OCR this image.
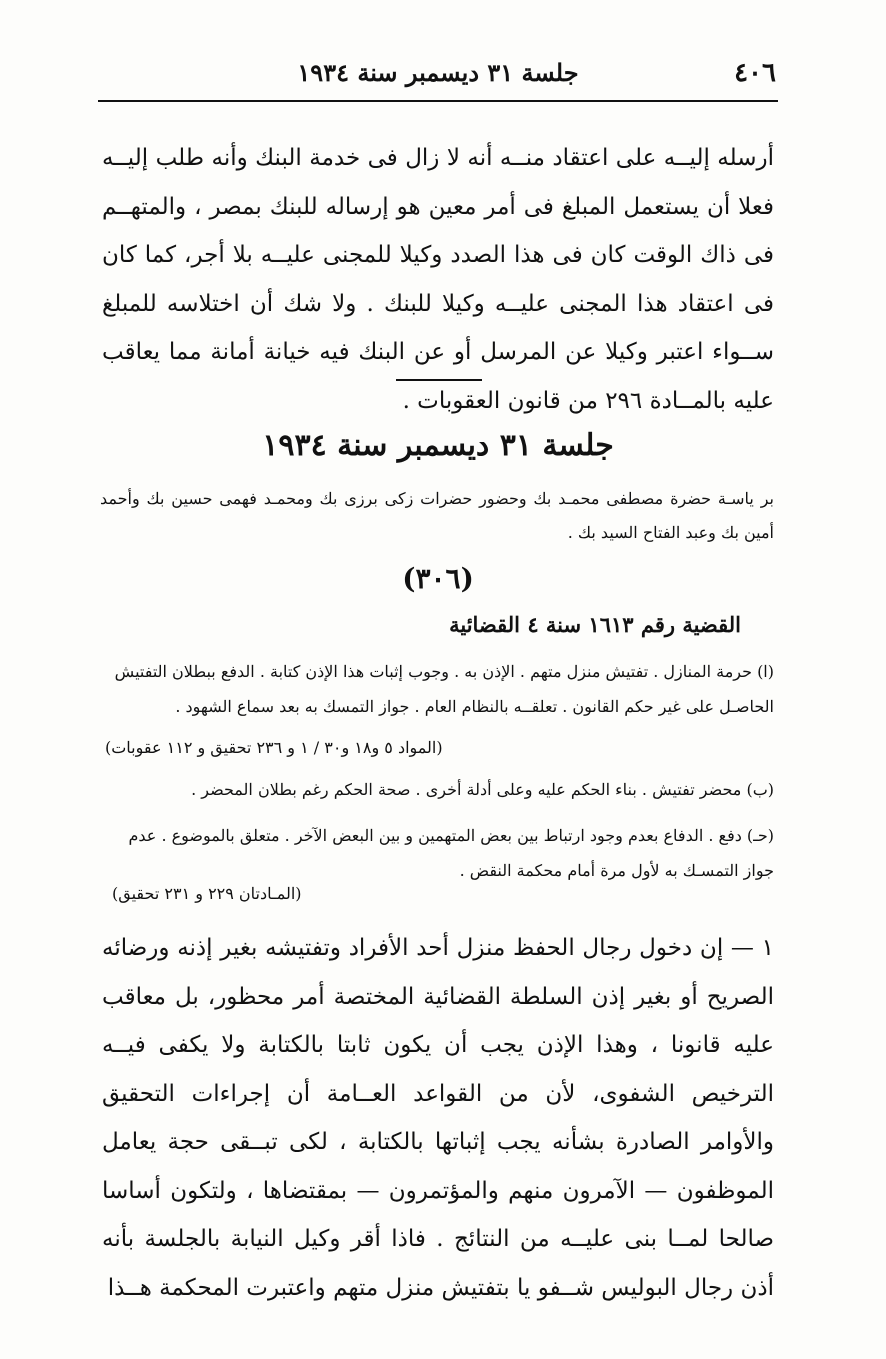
٤٠٦
جلسة ٣١ ديسمبر سنة ١٩٣٤

أرسله إليــه على اعتقاد منــه أنه لا زال فى خدمة البنك وأنه طلب إليــه فعلا أن يستعمل المبلغ فى أمر معين هو إرساله للبنك بمصر ، والمتهــم فى ذاك الوقت كان فى هذا الصدد وكيلا للمجنى عليــه بلا أجر، كما كان فى اعتقاد هذا المجنى عليــه وكيلا للبنك . ولا شك أن اختلاسه للمبلغ ســواء اعتبر وكيلا عن المرسل أو عن البنك فيه خيانة أمانة مما يعاقب عليه بالمــادة ٢٩٦ من قانون العقوبات .

جلسة ٣١ ديسمبر سنة ١٩٣٤

بر ياسـة حضرة مصطفى محمـد بك وحضور حضرات زكى برزى بك ومحمـد فهمى حسين بك وأحمد أمين بك وعبد الفتاح السيد بك .

(٣٠٦)
القضية رقم ١٦١٣ سنة ٤ القضائية

(ا) حرمة المنازل . تفتيش منزل متهم . الإذن به . وجوب إثبات هذا الإذن كتابة . الدفع ببطلان التفتيش الحاصـل على غير حكم القانون . تعلقــه بالنظام العام . جواز التمسك به بعد سماع الشهود .

(المواد ٥ و١٨ و٣٠ / ١ و ٢٣٦ تحقيق و ١١٢ عقوبات)

(ب) محضر تفتيش . بناء الحكم عليه وعلى أدلة أخرى . صحة الحكم رغم بطلان المحضر .

(حـ) دفع . الدفاع بعدم وجود ارتباط بين بعض المتهمين و بين البعض الآخر . متعلق بالموضوع . عدم جواز التمسـك به لأول مرة أمام محكمة النقض .

(المـادتان ٢٢٩ و ٢٣١ تحقيق)

١ — إن دخول رجال الحفظ منزل أحد الأفراد وتفتيشه بغير إذنه ورضائه الصريح أو بغير إذن السلطة القضائية المختصة أمر محظور، بل معاقب عليه قانونا ، وهذا الإذن يجب أن يكون ثابتا بالكتابة ولا يكفى فيــه الترخيص الشفوى، لأن من القواعد العــامة أن إجراءات التحقيق والأوامر الصادرة بشأنه يجب إثباتها بالكتابة ، لكى تبــقى حجة يعامل الموظفون — الآمرون منهم والمؤتمرون — بمقتضاها ، ولتكون أساسا صالحا لمــا بنى عليــه من النتائج . فاذا أقر وكيل النيابة بالجلسة بأنه أذن رجال البوليس شــفو يا بتفتيش منزل متهم واعتبرت المحكمة هــذا
